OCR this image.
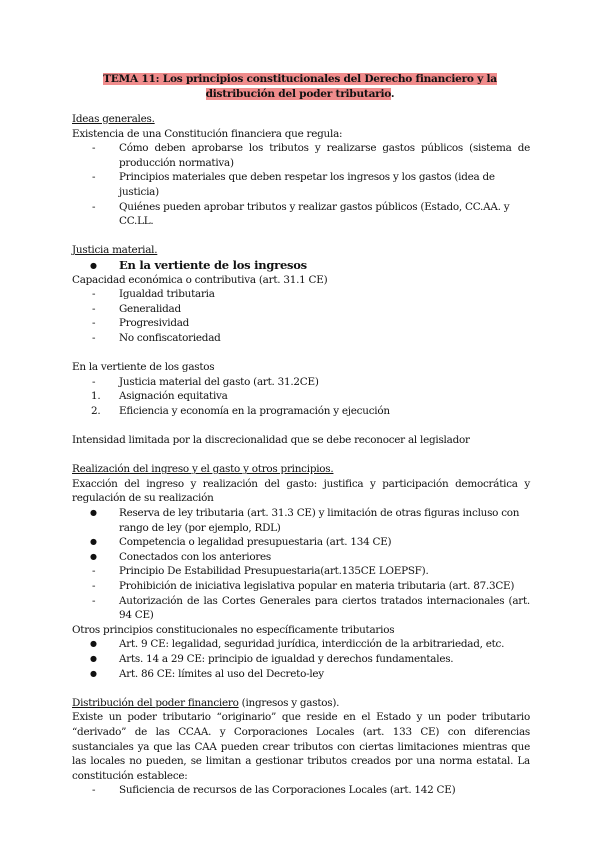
TEMA 11: Los principios constitucionales del Derecho financiero y la
distribución del poder tributario.

Ideas generales.

Existencia de una Constitución financiera que regula:

- Cómo deben aprobarse los tributos y realizarse gastos públicos (sistema de producción normativa)
- Principios materiales que deben respetar los ingresos y los gastos (idea de justicia)
- Quiénes pueden aprobar tributos y realizar gastos públicos (Estado, CC.AA. y CC.LL.

Justicia material.

● En la vertiente de los ingresos

Capacidad económica o contributiva (art. 31.1 CE)

- Igualdad tributaria
- Generalidad
- Progresividad
- No confiscatoriedad

En la vertiente de los gastos

- Justicia material del gasto (art. 31.2CE)
1. Asignación equitativa
2. Eficiencia y economía en la programación y ejecución

Intensidad limitada por la discrecionalidad que se debe reconocer al legislador

Realización del ingreso y el gasto y otros principios.

Exacción del ingreso y realización del gasto: justifica y participación democrática y regulación de su realización

● Reserva de ley tributaria (art. 31.3 CE) y limitación de otras figuras incluso con rango de ley (por ejemplo, RDL)
● Competencia o legalidad presupuestaria (art. 134 CE)
● Conectados con los anteriores
- Principio De Estabilidad Presupuestaria(art.135CE LOEPSF).
- Prohibición de iniciativa legislativa popular en materia tributaria (art. 87.3CE)
- Autorización de las Cortes Generales para ciertos tratados internacionales (art. 94 CE)

Otros principios constitucionales no específicamente tributarios

● Art. 9 CE: legalidad, seguridad jurídica, interdicción de la arbitrariedad, etc.
● Arts. 14 a 29 CE: principio de igualdad y derechos fundamentales.
● Art. 86 CE: límites al uso del Decreto-ley

Distribución del poder financiero (ingresos y gastos).

Existe un poder tributario “originario” que reside en el Estado y un poder tributario “derivado” de las CCAA. y Corporaciones Locales (art. 133 CE) con diferencias sustanciales ya que las CAA pueden crear tributos con ciertas limitaciones mientras que las locales no pueden, se limitan a gestionar tributos creados por una norma estatal. La constitución establece:

- Suficiencia de recursos de las Corporaciones Locales (art. 142 CE)
